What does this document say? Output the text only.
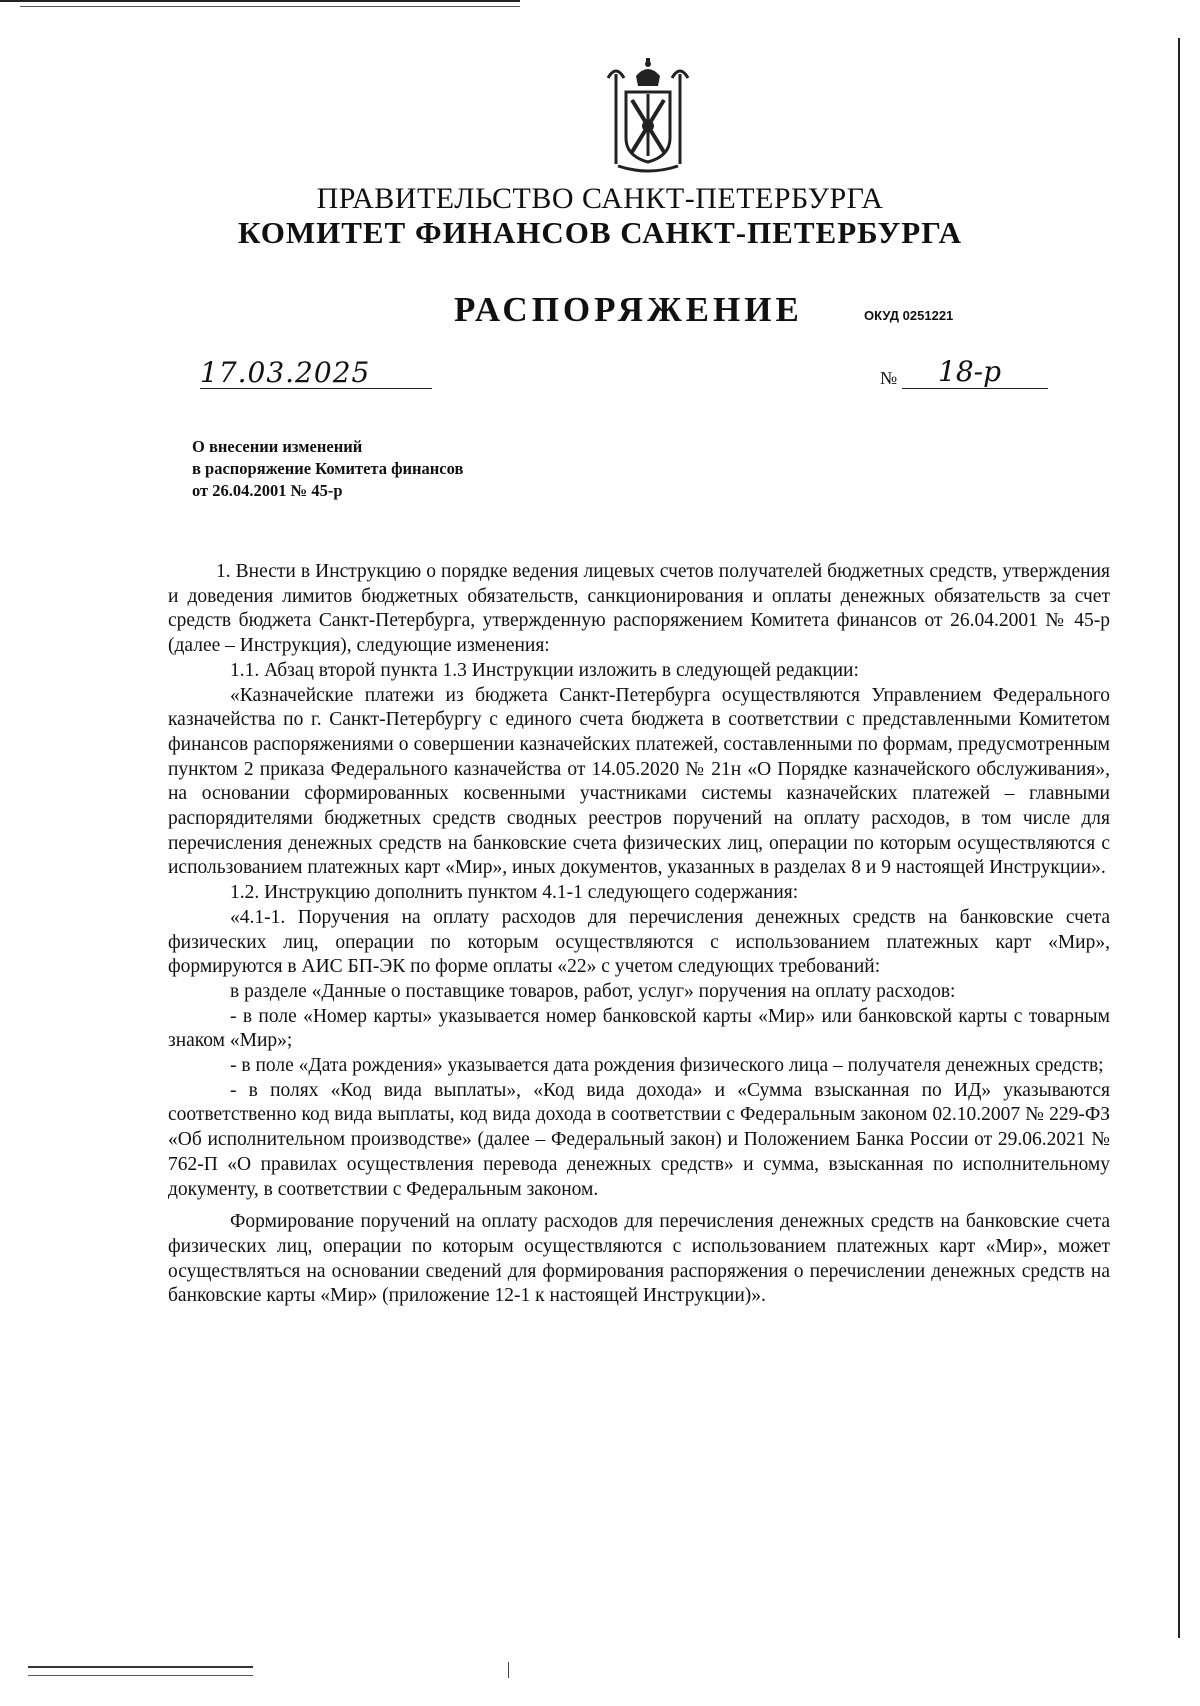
ПРАВИТЕЛЬСТВО САНКТ-ПЕТЕРБУРГА
КОМИТЕТ ФИНАНСОВ САНКТ-ПЕТЕРБУРГА
РАСПОРЯЖЕНИЕ	ОКУД 0251221
17.03.2025	№ 18-р
О внесении изменений
в распоряжение Комитета финансов
от 26.04.2001 № 45-р

1. Внести в Инструкцию о порядке ведения лицевых счетов получателей бюджетных средств, утверждения и доведения лимитов бюджетных обязательств, санкционирования и оплаты денежных обязательств за счет средств бюджета Санкт-Петербурга, утвержденную распоряжением Комитета финансов от 26.04.2001 № 45-р (далее – Инструкция), следующие изменения:

1.1. Абзац второй пункта 1.3 Инструкции изложить в следующей редакции:

«Казначейские платежи из бюджета Санкт-Петербурга осуществляются Управлением Федерального казначейства по г. Санкт-Петербургу с единого счета бюджета в соответствии с представленными Комитетом финансов распоряжениями о совершении казначейских платежей, составленными по формам, предусмотренным пунктом 2 приказа Федерального казначейства от 14.05.2020 № 21н «О Порядке казначейского обслуживания», на основании сформированных косвенными участниками системы казначейских платежей – главными распорядителями бюджетных средств сводных реестров поручений на оплату расходов, в том числе для перечисления денежных средств на банковские счета физических лиц, операции по которым осуществляются с использованием платежных карт «Мир», иных документов, указанных в разделах 8 и 9 настоящей Инструкции».

1.2. Инструкцию дополнить пунктом 4.1-1 следующего содержания:

«4.1-1. Поручения на оплату расходов для перечисления денежных средств на банковские счета физических лиц, операции по которым осуществляются с использованием платежных карт «Мир», формируются в АИС БП-ЭК по форме оплаты «22» с учетом следующих требований:

в разделе «Данные о поставщике товаров, работ, услуг» поручения на оплату расходов:

- в поле «Номер карты» указывается номер банковской карты «Мир» или банковской карты с товарным знаком «Мир»;

- в поле «Дата рождения» указывается дата рождения физического лица – получателя денежных средств;

- в полях «Код вида выплаты», «Код вида дохода» и «Сумма взысканная по ИД» указываются соответственно код вида выплаты, код вида дохода в соответствии с Федеральным законом 02.10.2007 № 229-ФЗ «Об исполнительном производстве» (далее – Федеральный закон) и Положением Банка России от 29.06.2021 № 762-П «О правилах осуществления перевода денежных средств» и сумма, взысканная по исполнительному документу, в соответствии с Федеральным законом.

Формирование поручений на оплату расходов для перечисления денежных средств на банковские счета физических лиц, операции по которым осуществляются с использованием платежных карт «Мир», может осуществляться на основании сведений для формирования распоряжения о перечислении денежных средств на банковские карты «Мир» (приложение 12-1 к настоящей Инструкции)».
